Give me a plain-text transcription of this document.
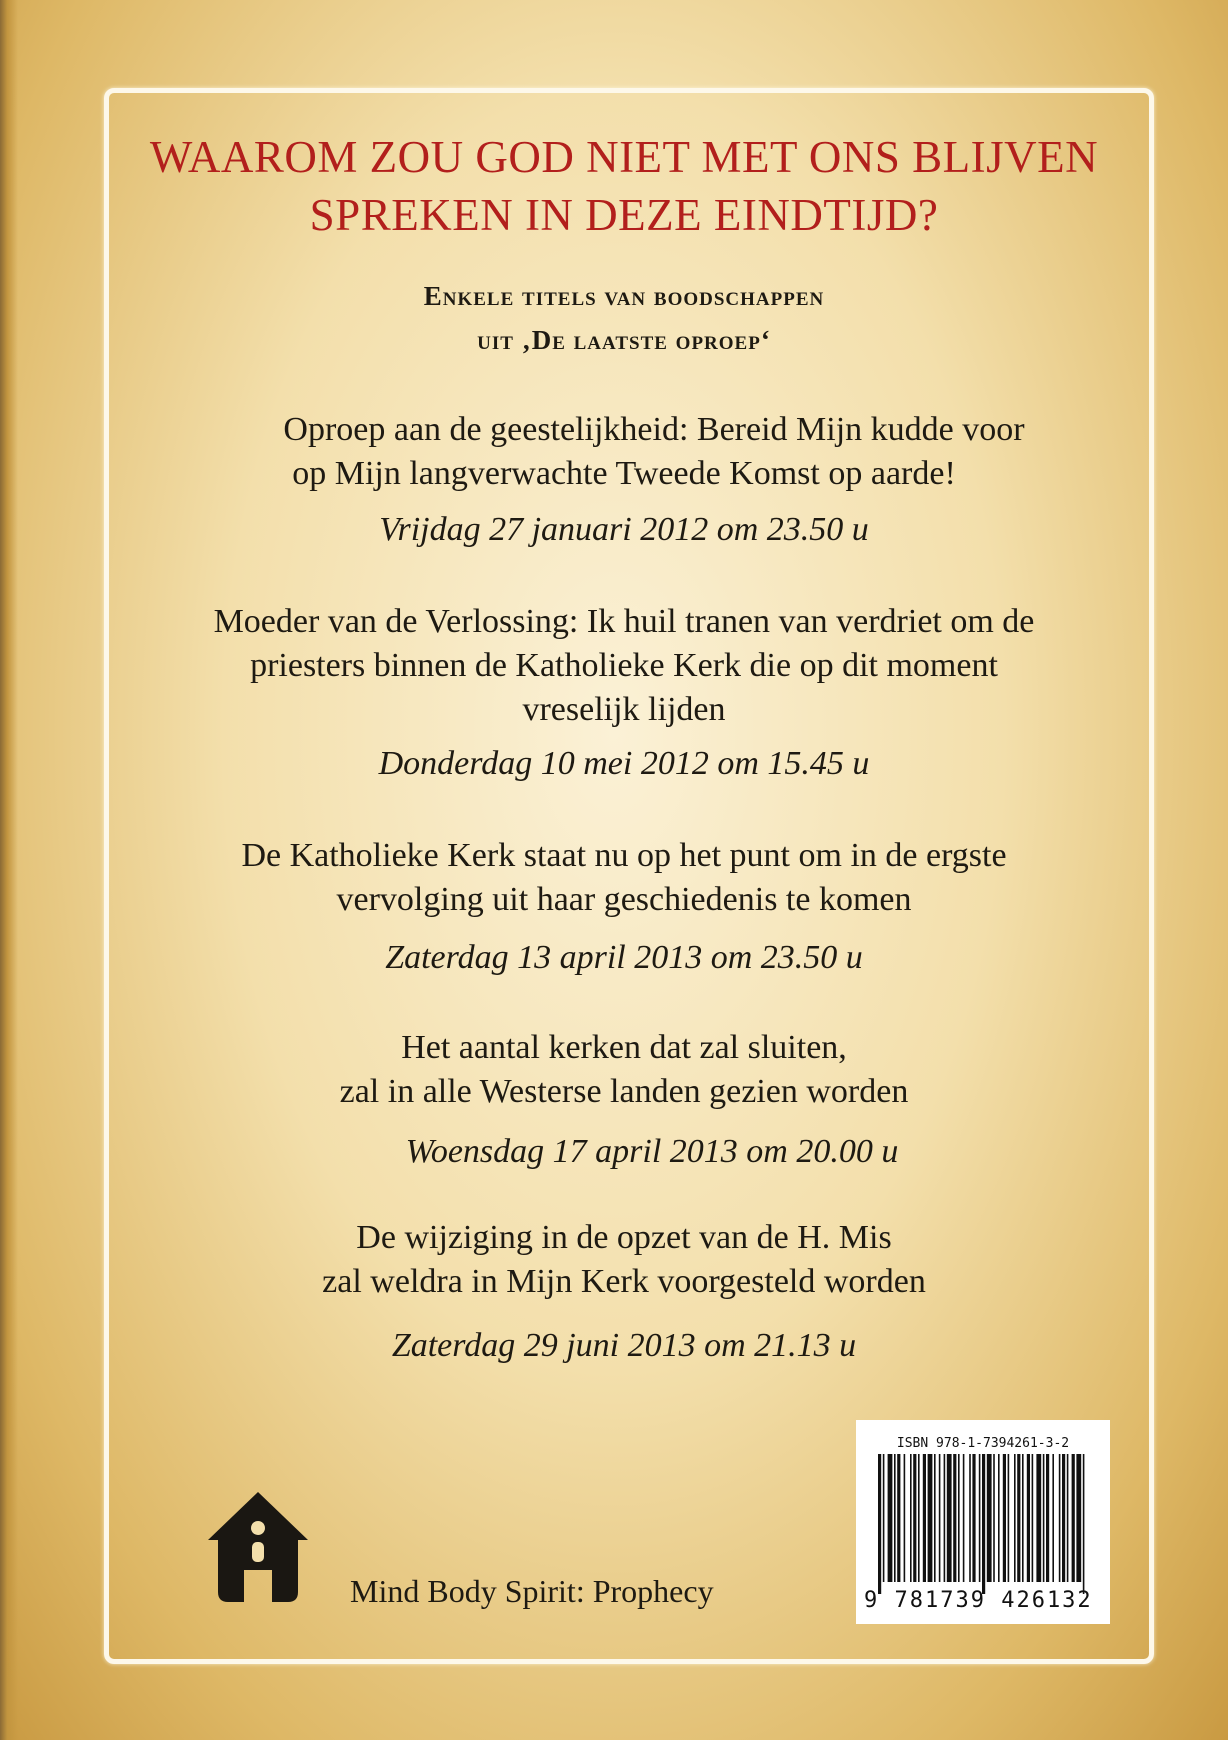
WAAROM ZOU GOD NIET MET ONS BLIJVEN
SPREKEN IN DEZE EINDTIJD?
Enkele titels van boodschappen
uit ‚De laatste oproep‘
Oproep aan de geestelijkheid: Bereid Mijn kudde voor
op Mijn langverwachte Tweede Komst op aarde!
Vrijdag 27 januari 2012 om 23.50 u
Moeder van de Verlossing: Ik huil tranen van verdriet om de
priesters binnen de Katholieke Kerk die op dit moment
vreselijk lijden
Donderdag 10 mei 2012 om 15.45 u
De Katholieke Kerk staat nu op het punt om in de ergste
vervolging uit haar geschiedenis te komen
Zaterdag 13 april 2013 om 23.50 u
Het aantal kerken dat zal sluiten,
zal in alle Westerse landen gezien worden
Woensdag 17 april 2013 om 20.00 u
De wijziging in de opzet van de H. Mis
zal weldra in Mijn Kerk voorgesteld worden
Zaterdag 29 juni 2013 om 21.13 u
Mind Body Spirit: Prophecy
ISBN 978-1-7394261-3-2
9 781739 426132
